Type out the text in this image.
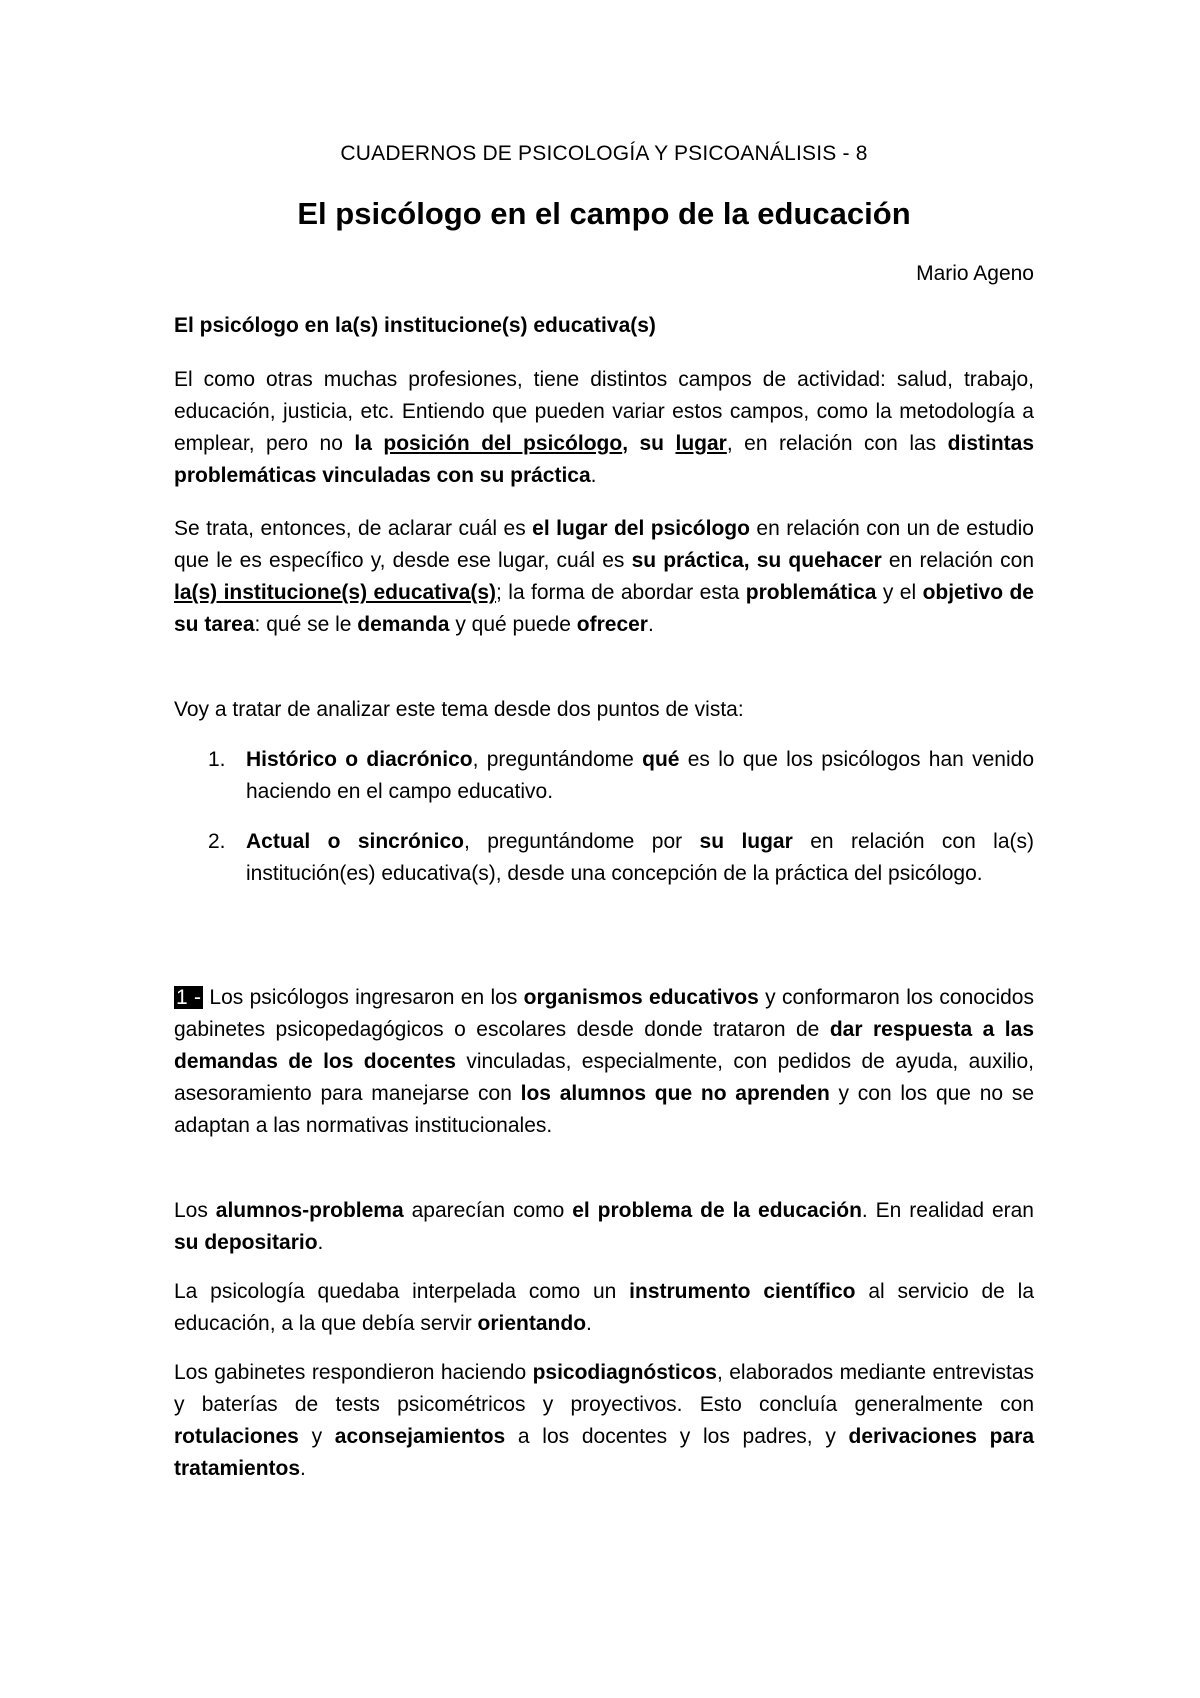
CUADERNOS DE PSICOLOGÍA Y PSICOANÁLISIS - 8
El psicólogo en el campo de la educación
Mario Ageno
El psicólogo en la(s) institucione(s) educativa(s)

El como otras muchas profesiones, tiene distintos campos de actividad: salud, trabajo, educación, justicia, etc. Entiendo que pueden variar estos campos, como la metodología a emplear, pero no la posición del psicólogo, su lugar, en relación con las distintas problemáticas vinculadas con su práctica.

Se trata, entonces, de aclarar cuál es el lugar del psicólogo en relación con un de estudio que le es específico y, desde ese lugar, cuál es su práctica, su quehacer en relación con la(s) institucione(s) educativa(s); la forma de abordar esta problemática y el objetivo de su tarea: qué se le demanda y qué puede ofrecer.

Voy a tratar de analizar este tema desde dos puntos de vista:

1. Histórico o diacrónico, preguntándome qué es lo que los psicólogos han venido haciendo en el campo educativo.

2. Actual o sincrónico, preguntándome por su lugar en relación con la(s) institución(es) educativa(s), desde una concepción de la práctica del psicólogo.

1 - Los psicólogos ingresaron en los organismos educativos y conformaron los conocidos gabinetes psicopedagógicos o escolares desde donde trataron de dar respuesta a las demandas de los docentes vinculadas, especialmente, con pedidos de ayuda, auxilio, asesoramiento para manejarse con los alumnos que no aprenden y con los que no se adaptan a las normativas institucionales.

Los alumnos-problema aparecían como el problema de la educación. En realidad eran su depositario.

La psicología quedaba interpelada como un instrumento científico al servicio de la educación, a la que debía servir orientando.

Los gabinetes respondieron haciendo psicodiagnósticos, elaborados mediante entrevistas y baterías de tests psicométricos y proyectivos. Esto concluía generalmente con rotulaciones y aconsejamientos a los docentes y los padres, y derivaciones para tratamientos.
